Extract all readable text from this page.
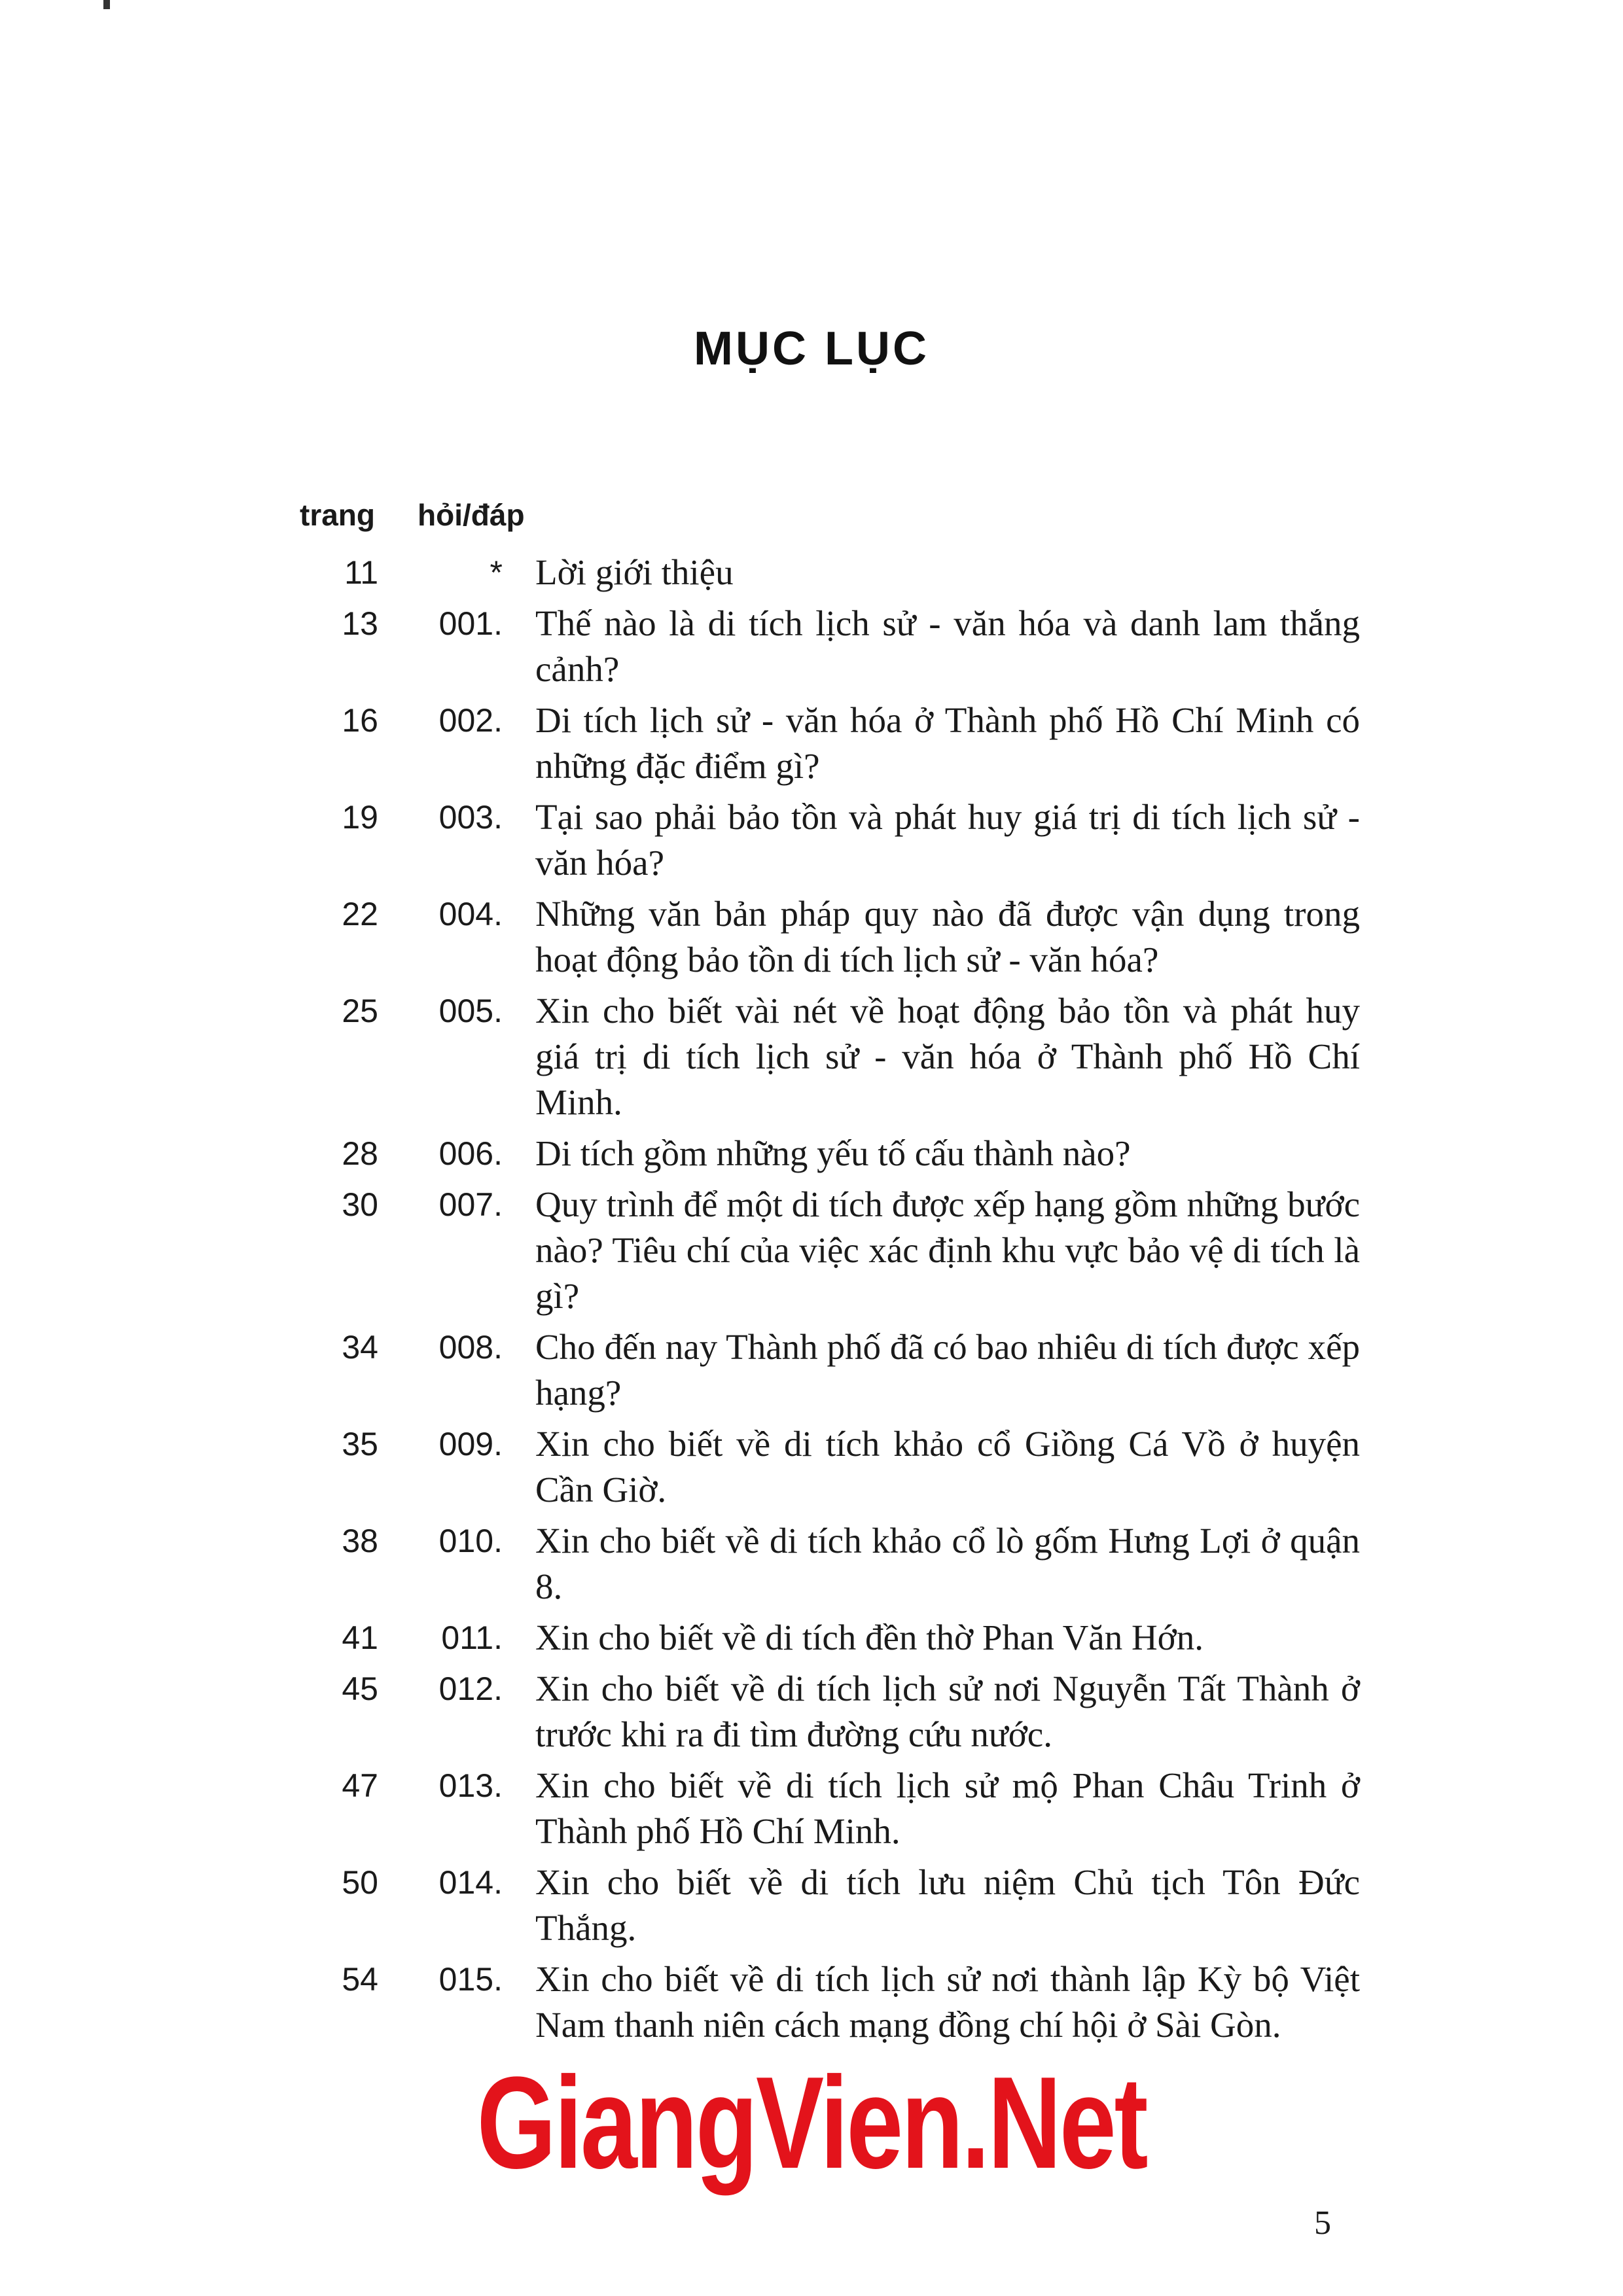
MỤC LỤC
trang	hỏi/đáp
11	* Lời giới thiệu
13	001. Thế nào là di tích lịch sử - văn hóa và danh lam thắng cảnh?
16	002. Di tích lịch sử - văn hóa ở Thành phố Hồ Chí Minh có những đặc điểm gì?
19	003. Tại sao phải bảo tồn và phát huy giá trị di tích lịch sử - văn hóa?
22	004. Những văn bản pháp quy nào đã được vận dụng trong hoạt động bảo tồn di tích lịch sử - văn hóa?
25	005. Xin cho biết vài nét về hoạt động bảo tồn và phát huy giá trị di tích lịch sử - văn hóa ở Thành phố Hồ Chí Minh.
28	006. Di tích gồm những yếu tố cấu thành nào?
30	007. Quy trình để một di tích được xếp hạng gồm những bước nào? Tiêu chí của việc xác định khu vực bảo vệ di tích là gì?
34	008. Cho đến nay Thành phố đã có bao nhiêu di tích được xếp hạng?
35	009. Xin cho biết về di tích khảo cổ Giồng Cá Vồ ở huyện Cần Giờ.
38	010. Xin cho biết về di tích khảo cổ lò gốm Hưng Lợi ở quận 8.
41	011. Xin cho biết về di tích đền thờ Phan Văn Hớn.
45	012. Xin cho biết về di tích lịch sử nơi Nguyễn Tất Thành ở trước khi ra đi tìm đường cứu nước.
47	013. Xin cho biết về di tích lịch sử mộ Phan Châu Trinh ở Thành phố Hồ Chí Minh.
50	014. Xin cho biết về di tích lưu niệm Chủ tịch Tôn Đức Thắng.
54	015. Xin cho biết về di tích lịch sử nơi thành lập Kỳ bộ Việt Nam thanh niên cách mạng đồng chí hội ở Sài Gòn.
GiangVien.Net
5
